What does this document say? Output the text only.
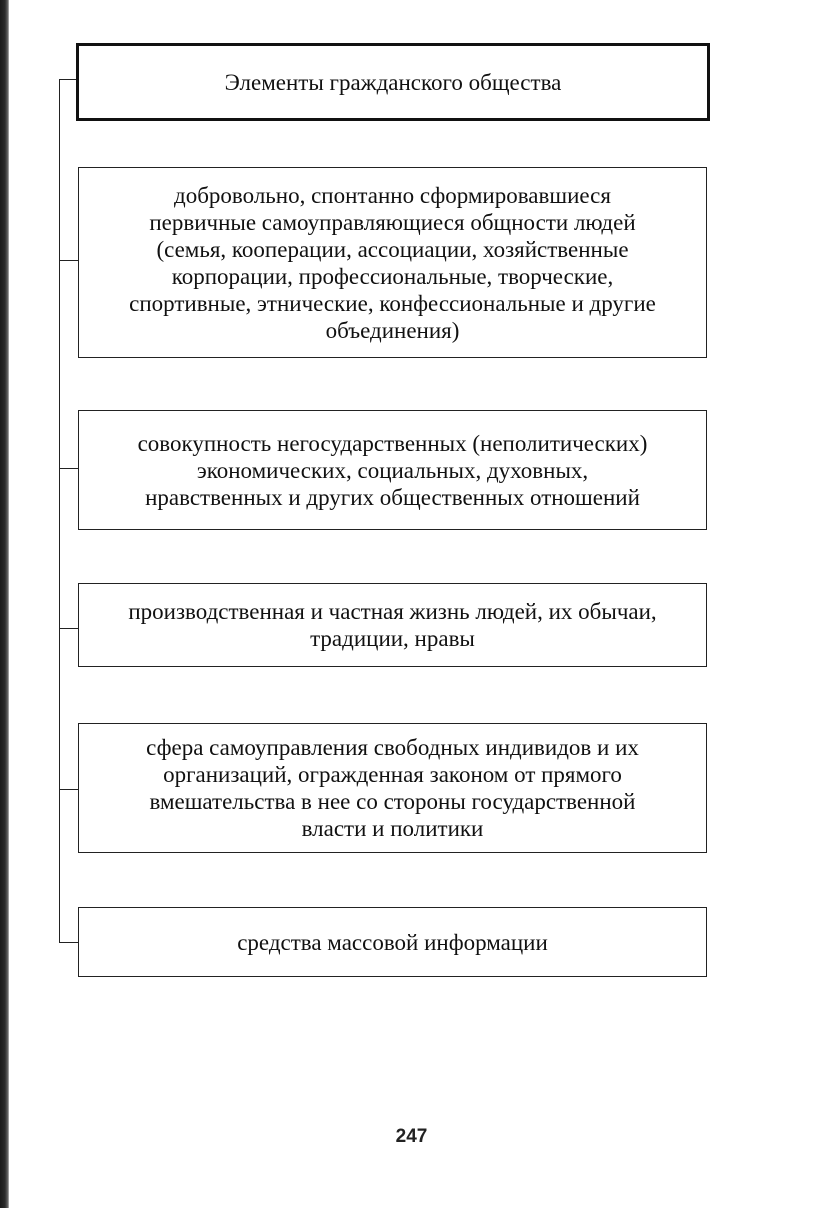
Элементы гражданского общества
добровольно, спонтанно сформировавшиеся
первичные самоуправляющиеся общности людей
(семья, кооперации, ассоциации, хозяйственные
корпорации, профессиональные, творческие,
спортивные, этнические, конфессиональные и другие
объединения)
совокупность негосударственных (неполитических)
экономических, социальных, духовных,
нравственных и других общественных отношений
производственная и частная жизнь людей, их обычаи,
традиции, нравы
сфера самоуправления свободных индивидов и их
организаций, огражденная законом от прямого
вмешательства в нее со стороны государственной
власти и политики
средства массовой информации
247
